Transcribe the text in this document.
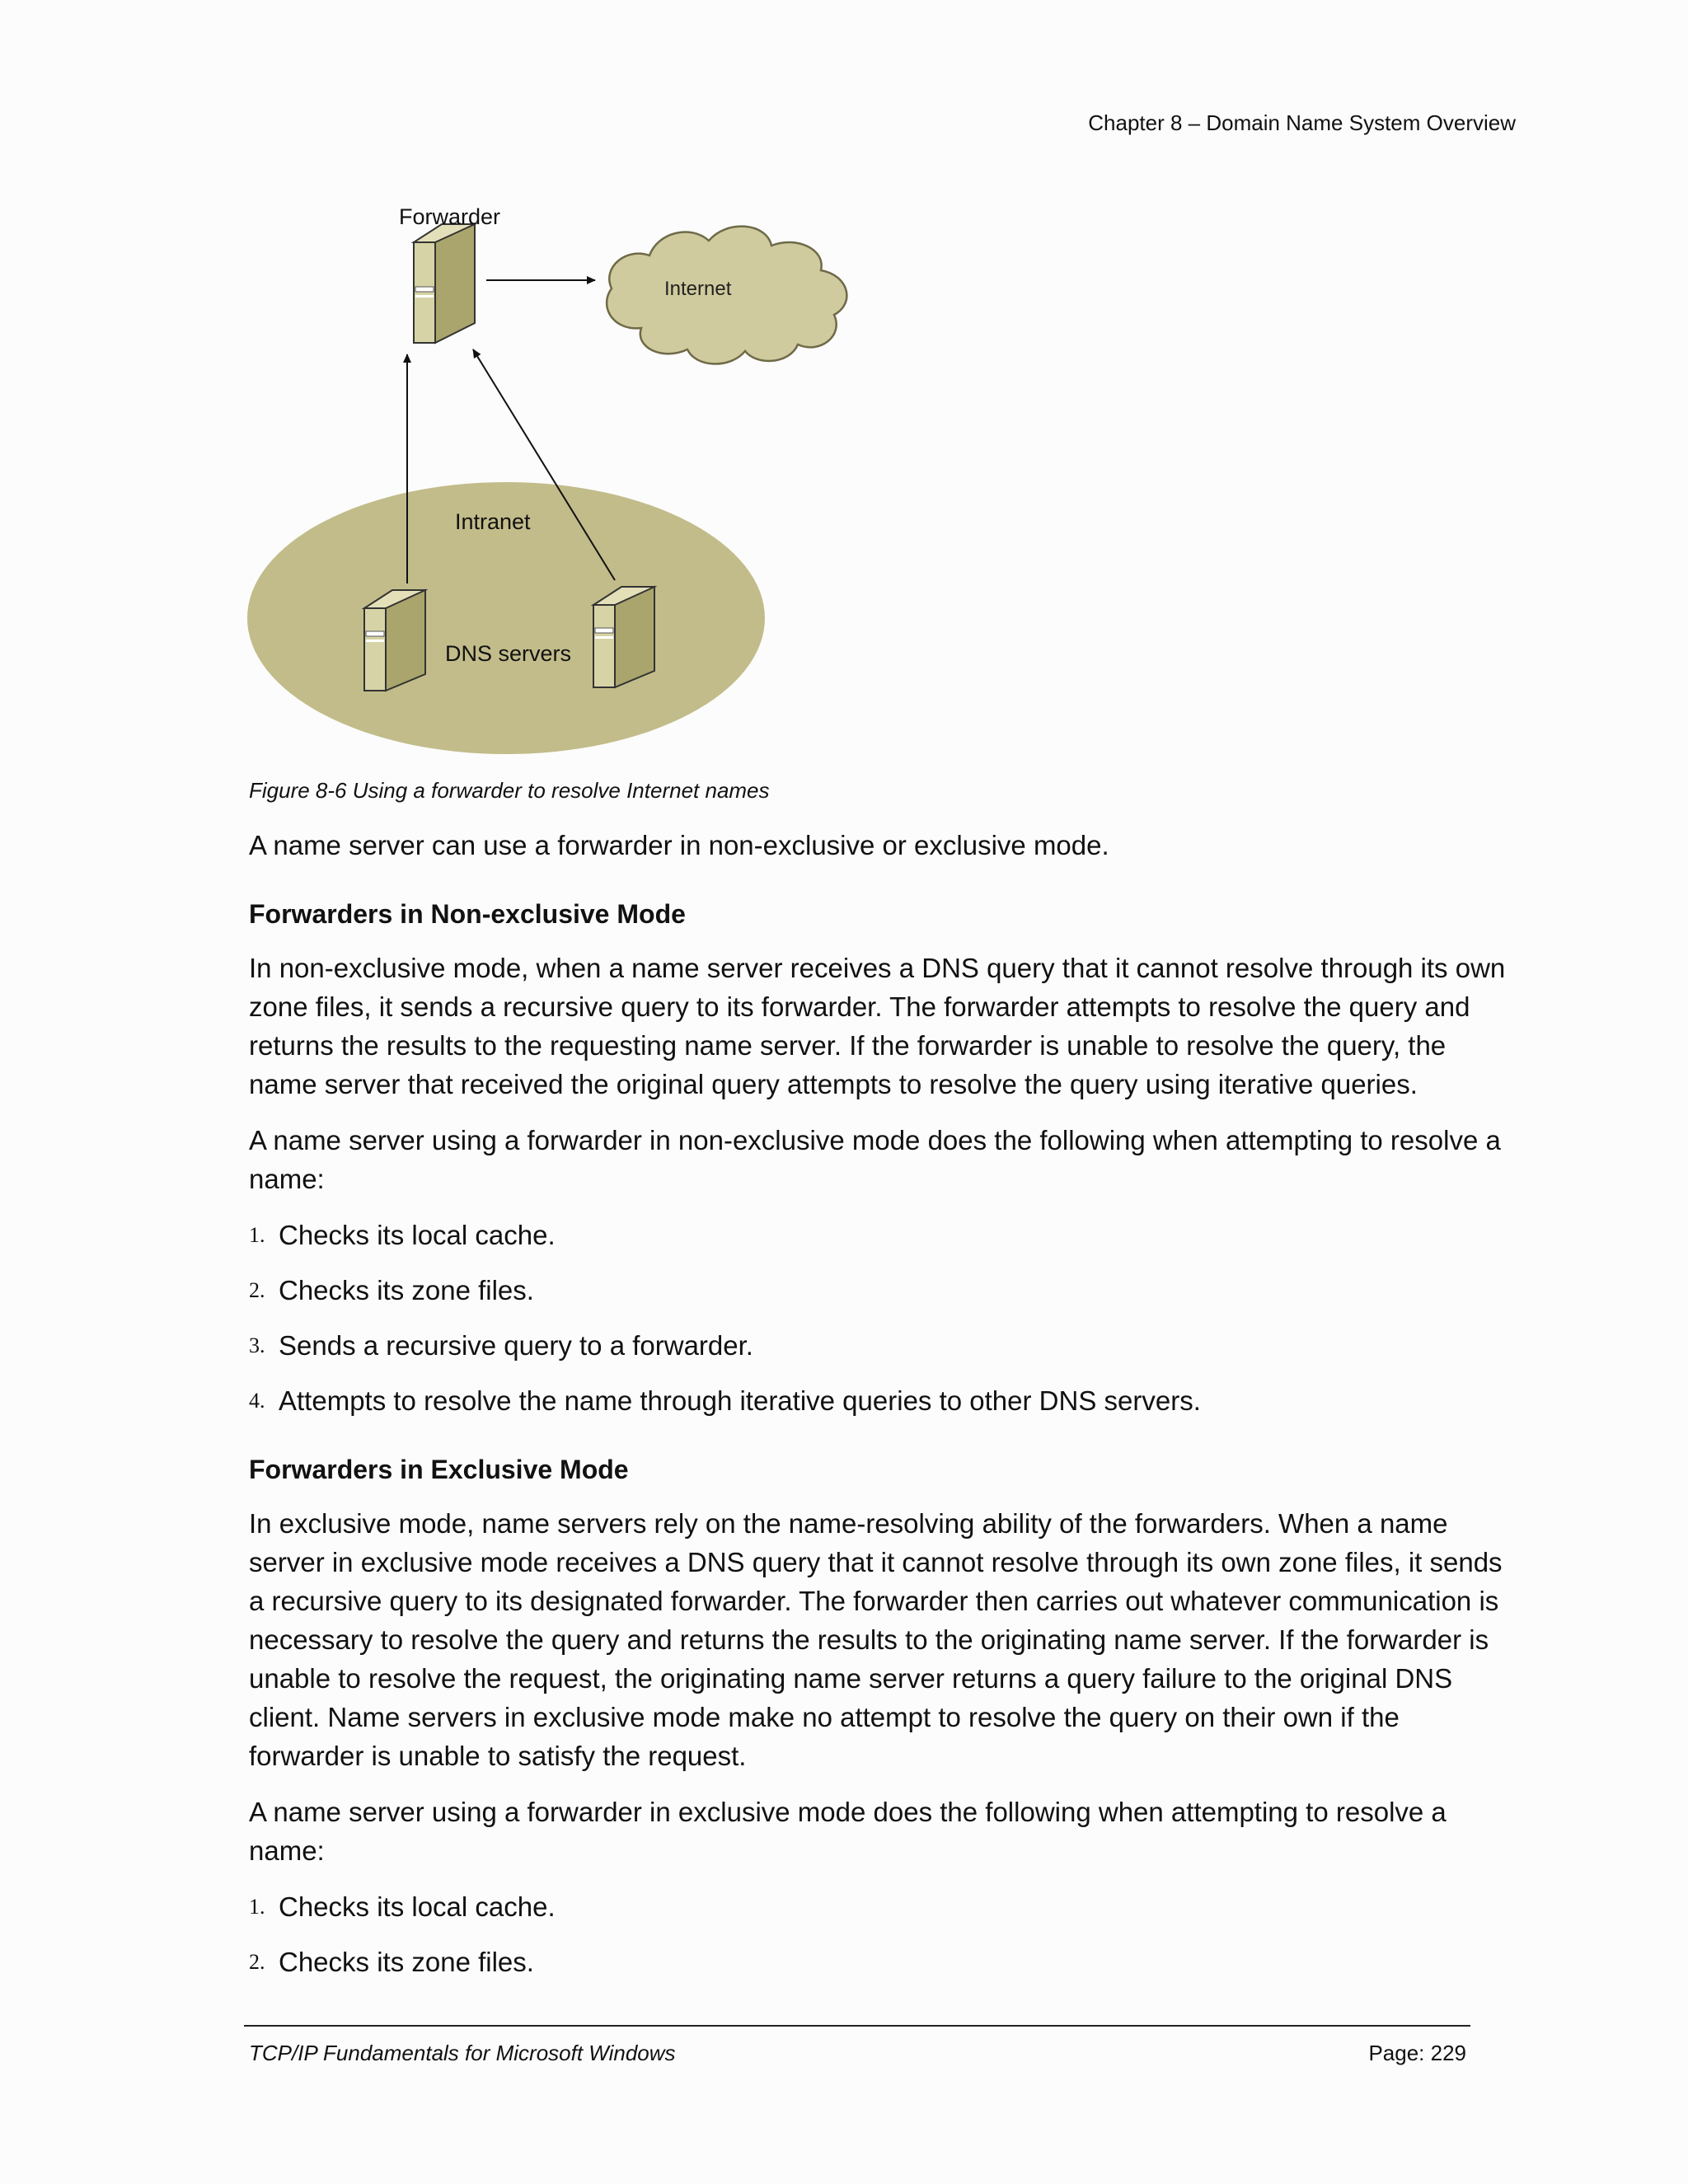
Chapter 8 – Domain Name System Overview
Forwarder
Internet
Intranet
DNS servers
Figure 8-6 Using a forwarder to resolve Internet names

A name server can use a forwarder in non-exclusive or exclusive mode.

Forwarders in Non-exclusive Mode

In non-exclusive mode, when a name server receives a DNS query that it cannot resolve through its own zone files, it sends a recursive query to its forwarder. The forwarder attempts to resolve the query and returns the results to the requesting name server. If the forwarder is unable to resolve the query, the name server that received the original query attempts to resolve the query using iterative queries.

A name server using a forwarder in non-exclusive mode does the following when attempting to resolve a name:

1. Checks its local cache.
2. Checks its zone files.
3. Sends a recursive query to a forwarder.
4. Attempts to resolve the name through iterative queries to other DNS servers.
Forwarders in Exclusive Mode

In exclusive mode, name servers rely on the name-resolving ability of the forwarders. When a name server in exclusive mode receives a DNS query that it cannot resolve through its own zone files, it sends a recursive query to its designated forwarder. The forwarder then carries out whatever communication is necessary to resolve the query and returns the results to the originating name server. If the forwarder is unable to resolve the request, the originating name server returns a query failure to the original DNS client. Name servers in exclusive mode make no attempt to resolve the query on their own if the forwarder is unable to satisfy the request.

A name server using a forwarder in exclusive mode does the following when attempting to resolve a name:

1. Checks its local cache.
2. Checks its zone files.
TCP/IP Fundamentals for Microsoft Windows	Page: 229
